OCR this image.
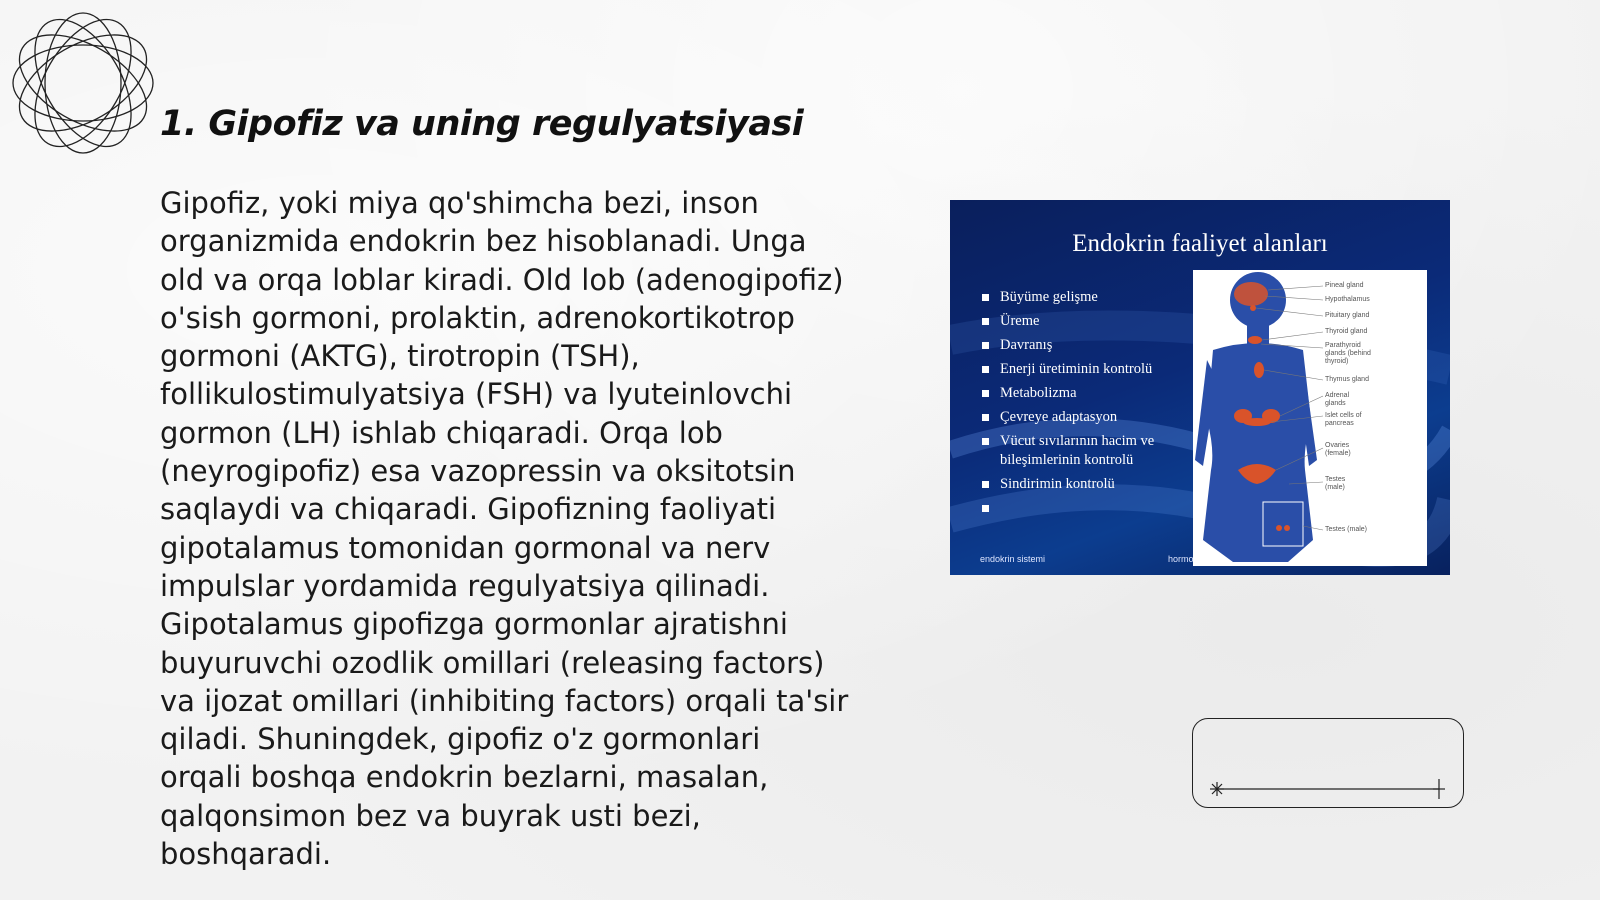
1. Gipofiz va uning regulyatsiyasi
Gipofiz, yoki miya qo'shimcha bezi, inson organizmida endokrin bez hisoblanadi. Unga old va orqa loblar kiradi. Old lob (adenogipofiz) o'sish gormoni, prolaktin, adrenokortikotrop gormoni (AKTG), tirotropin (TSH), follikulostimulyatsiya (FSH) va lyuteinlovchi gormon (LH) ishlab chiqaradi. Orqa lob (neyrogipofiz) esa vazopressin va oksitotsin saqlaydi va chiqaradi. Gipofizning faoliyati gipotalamus tomonidan gormonal va nerv impulslar yordamida regulyatsiya qilinadi. Gipotalamus gipofizga gormonlar ajratishni buyuruvchi ozodlik omillari (releasing factors) va ijozat omillari (inhibiting factors) orqali ta'sir qiladi. Shuningdek, gipofiz o'z gormonlari orqali boshqa endokrin bezlarni, masalan, qalqonsimon bez va buyrak usti bezi, boshqaradi.
Endokrin faaliyet alanları
Büyüme gelişme
Üreme
Davranış
Enerji üretiminin kontrolü
Metabolizma
Çevreye adaptasyon
Vücut sıvılarının hacim ve bileşimlerinin kontrolü
Sindirimin kontrolü
Pineal gland
Hypothalamus
Pituitary gland
Thyroid gland
Parathyroid glands (behind thyroid)
Thymus gland
Adrenal glands
Islet cells of pancreas
Ovaries (female)
Testes (male)
Testes (male)
endokrin sistemi	hormo
